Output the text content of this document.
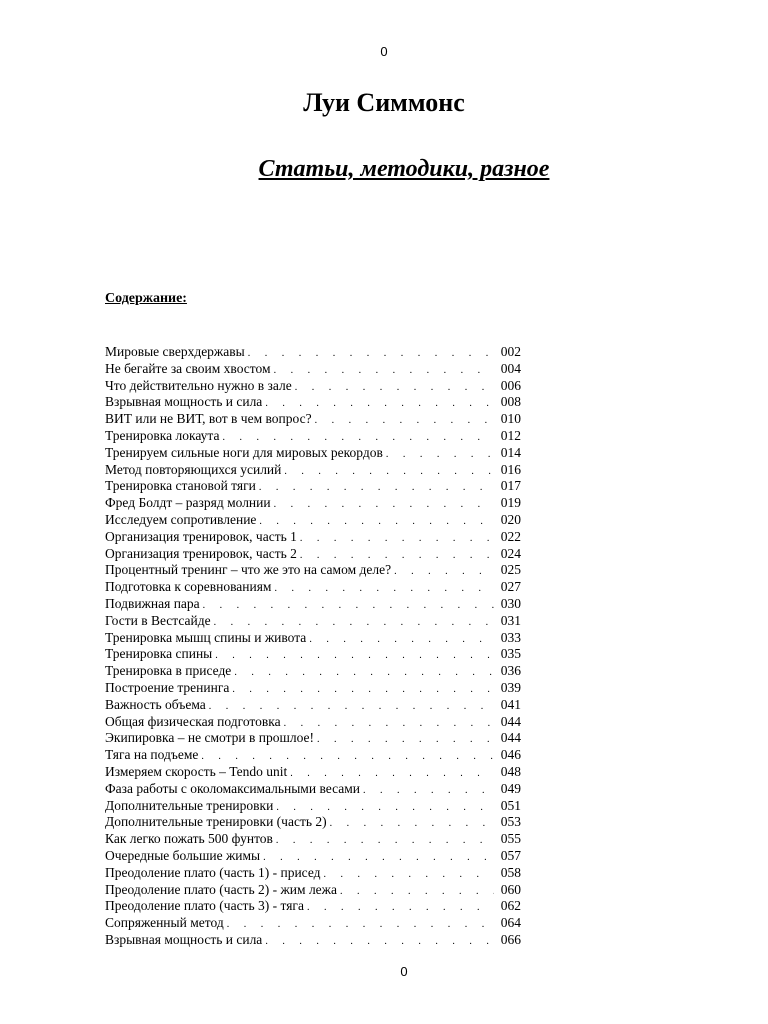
0
Луи Симмонс
Статьи, методики, разное
Содержание:
Мировые сверхдержавы . . .	002
Не бегайте за своим хвостом . . .	004
Что действительно нужно в зале . . .	006
Взрывная мощность и сила . . .	008
ВИТ или не ВИТ, вот в чем вопрос? . . .	010
Тренировка локаута . . .	012
Тренируем сильные ноги для мировых рекордов . . .	014
Метод повторяющихся усилий . . .	016
Тренировка становой тяги . . .	017
Фред Болдт – разряд молнии . . .	019
Исследуем сопротивление . . .	020
Организация тренировок, часть 1 . . .	022
Организация тренировок, часть 2 . . .	024
Процентный тренинг – что же это на самом деле? . . .	025
Подготовка к соревнованиям . . .	027
Подвижная пара . . .	030
Гости в Вестсайде . . .	031
Тренировка мышц спины и живота . . .	033
Тренировка спины . . .	035
Тренировка в приседе . . .	036
Построение тренинга . . .	039
Важность объема . . .	041
Общая физическая подготовка . . .	044
Экипировка – не смотри в прошлое! . . .	044
Тяга на подъеме . . .	046
Измеряем скорость – Tendo unit . . .	048
Фаза работы с околомаксимальными весами . . .	049
Дополнительные тренировки . . .	051
Дополнительные тренировки (часть 2) . . .	053
Как легко пожать 500 фунтов . . .	055
Очередные большие жимы . . .	057
Преодоление плато (часть 1) - присед . . .	058
Преодоление плато (часть 2) - жим лежа . . .	060
Преодоление плато (часть 3) - тяга . . .	062
Сопряженный метод . . .	064
Взрывная мощность и сила . . .	066
0
